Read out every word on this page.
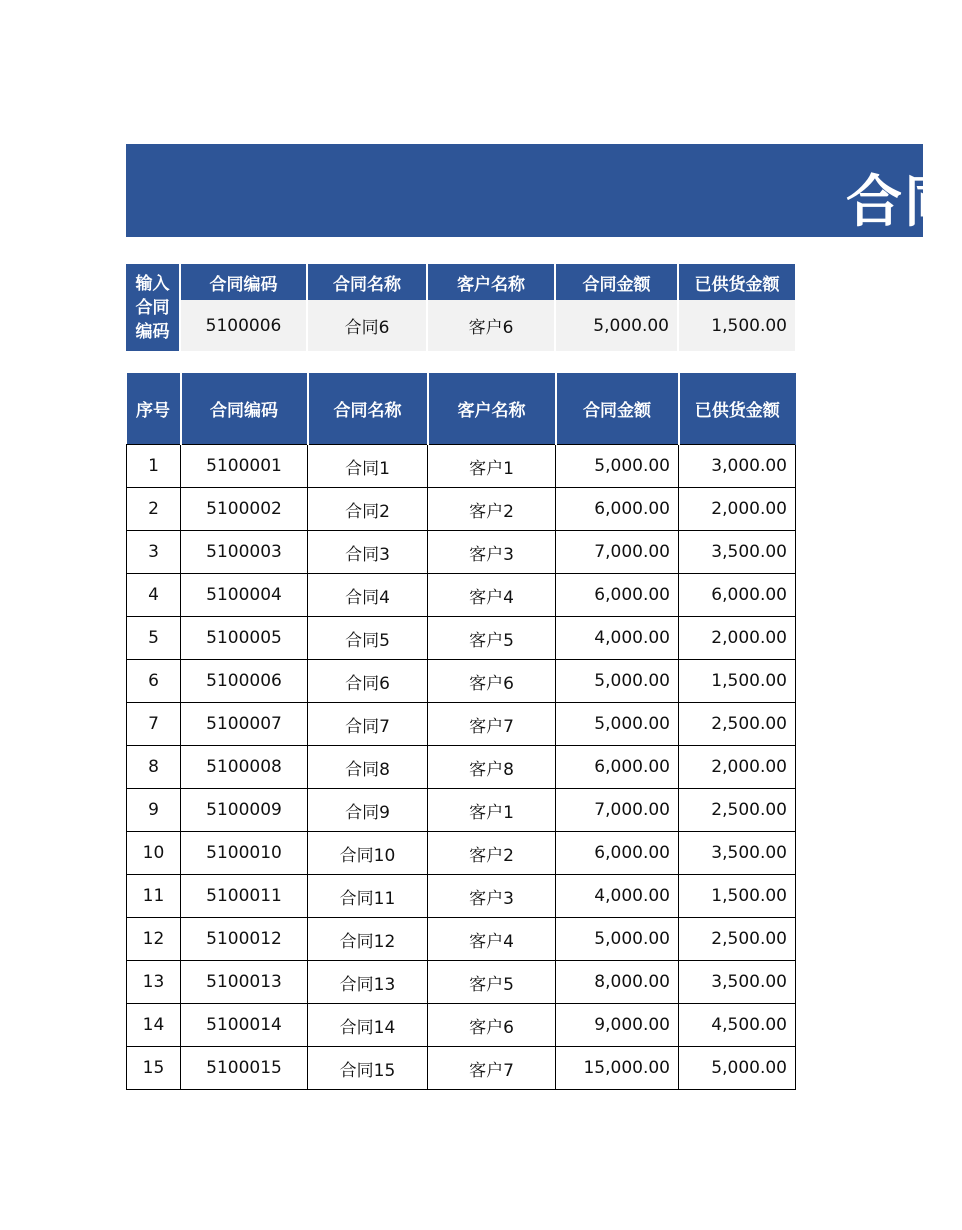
合同
输入合同编码	合同编码	合同名称	客户名称	合同金额	已供货金额
	5100006	合同6	客户6	5,000.00	1,500.00
序号	合同编码	合同名称	客户名称	合同金额	已供货金额
1	5100001	合同1	客户1	5,000.00	3,000.00
2	5100002	合同2	客户2	6,000.00	2,000.00
3	5100003	合同3	客户3	7,000.00	3,500.00
4	5100004	合同4	客户4	6,000.00	6,000.00
5	5100005	合同5	客户5	4,000.00	2,000.00
6	5100006	合同6	客户6	5,000.00	1,500.00
7	5100007	合同7	客户7	5,000.00	2,500.00
8	5100008	合同8	客户8	6,000.00	2,000.00
9	5100009	合同9	客户1	7,000.00	2,500.00
10	5100010	合同10	客户2	6,000.00	3,500.00
11	5100011	合同11	客户3	4,000.00	1,500.00
12	5100012	合同12	客户4	5,000.00	2,500.00
13	5100013	合同13	客户5	8,000.00	3,500.00
14	5100014	合同14	客户6	9,000.00	4,500.00
15	5100015	合同15	客户7	15,000.00	5,000.00
